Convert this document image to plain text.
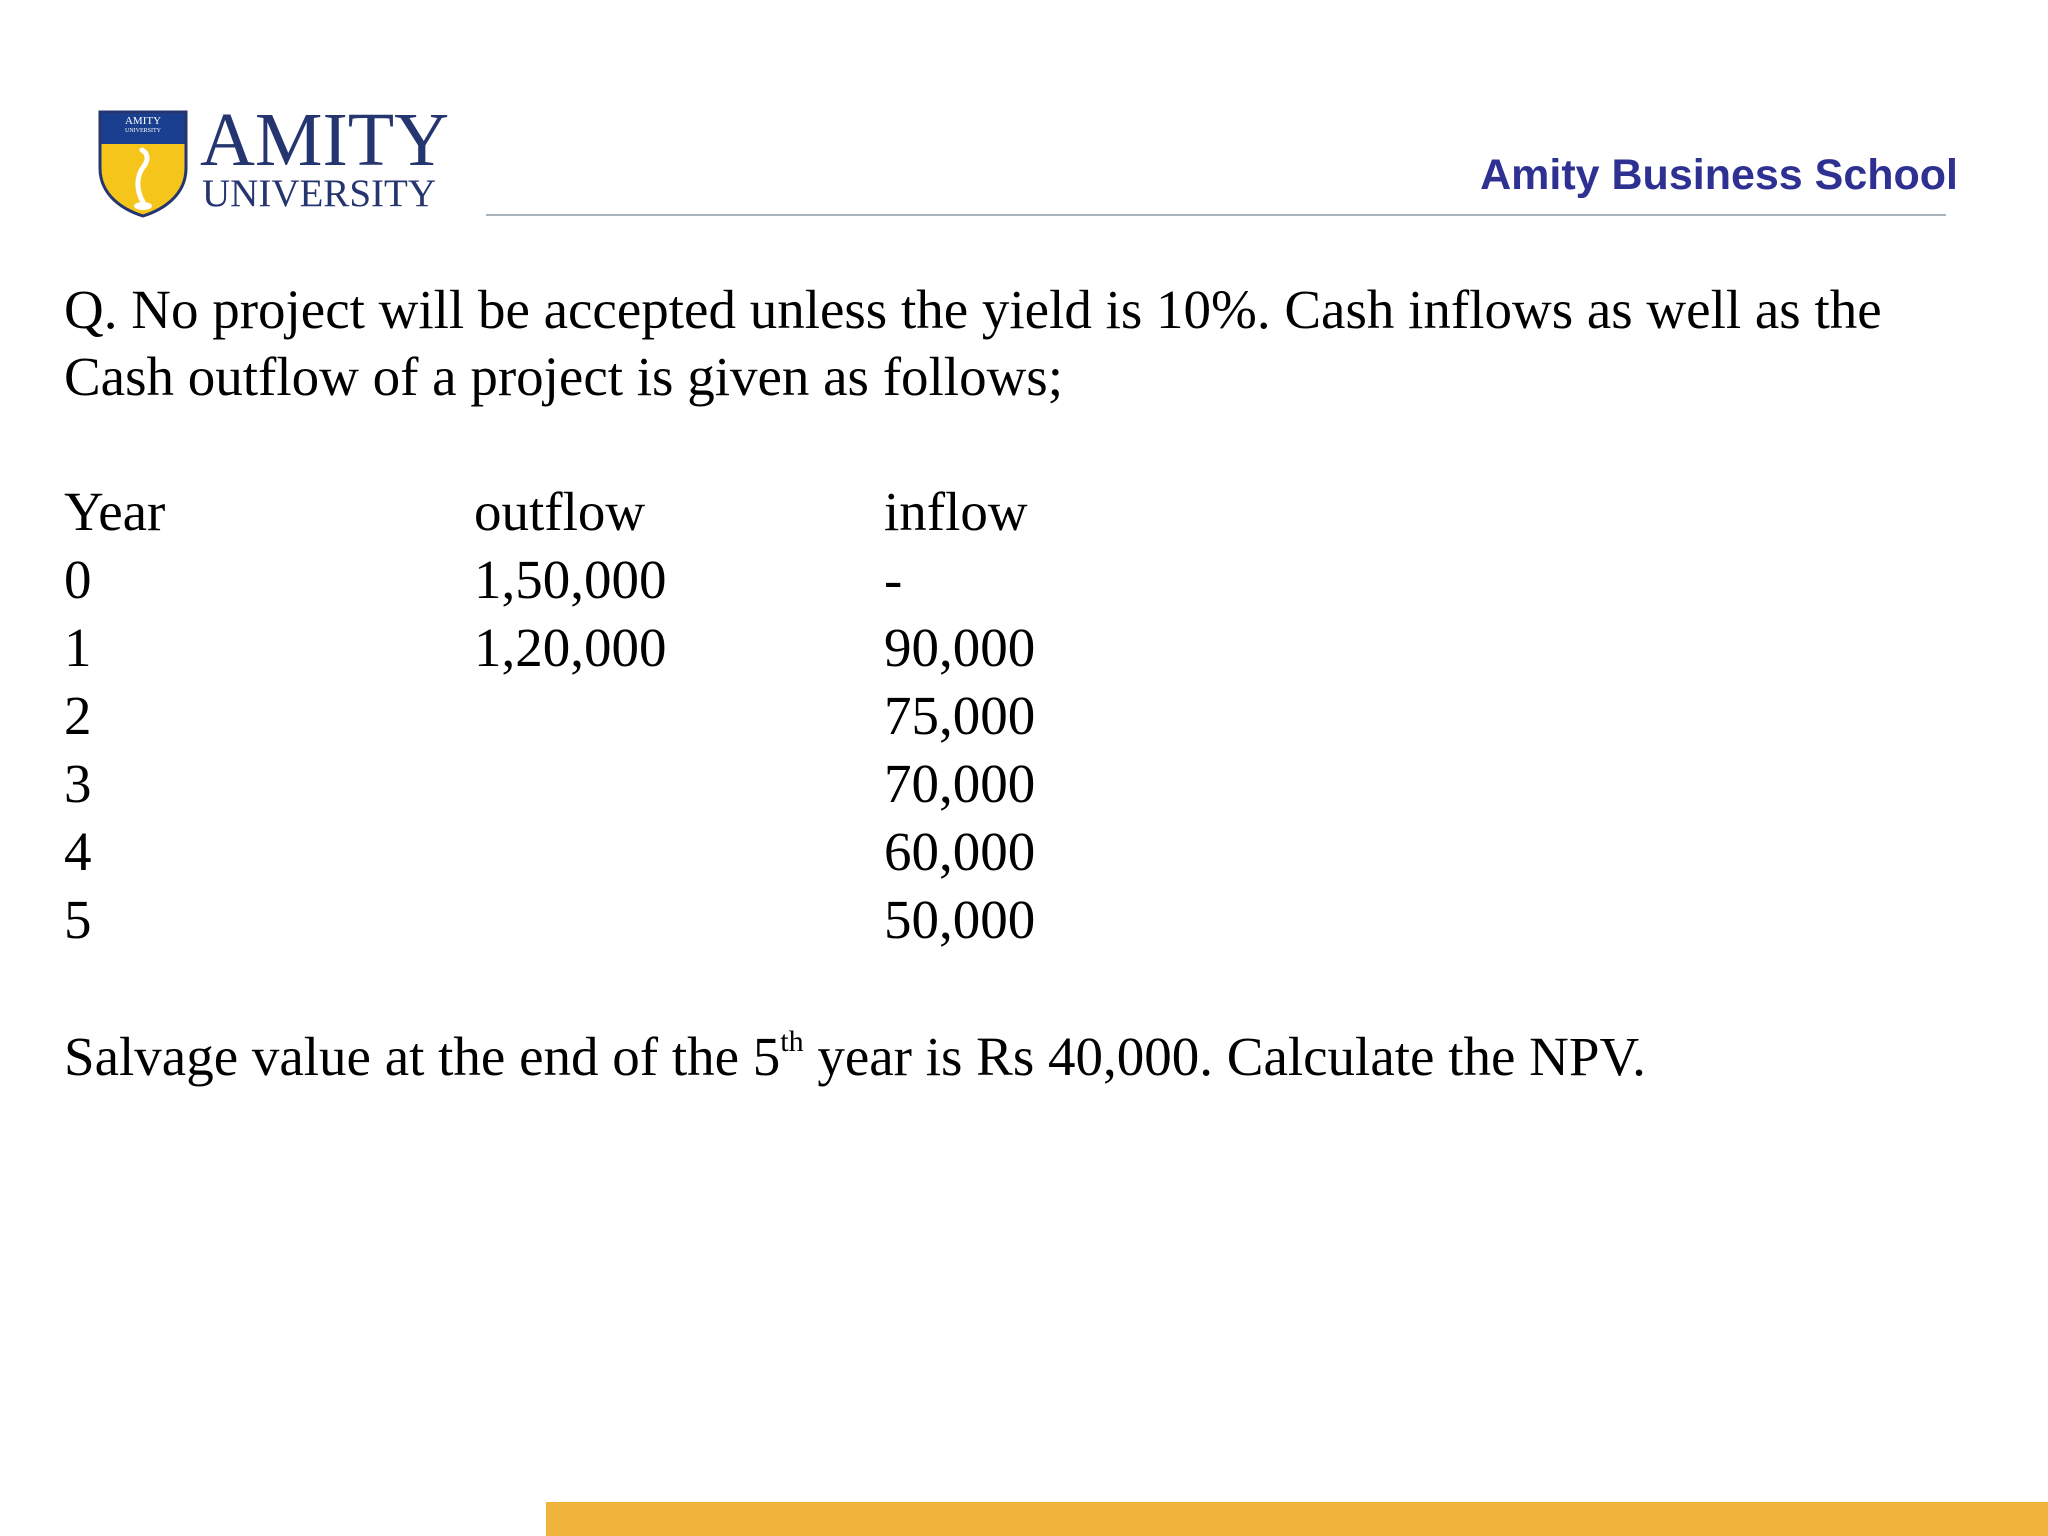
AMITY
UNIVERSITY AMITY
UNIVERSITY	Amity Business School

Q. No project will be accepted unless the yield is 10%. Cash inflows as well as the Cash outflow of a project is given as follows;

Year	outflow	inflow
0	1,50,000	-
1	1,20,000	90,000
2		75,000
3		70,000
4		60,000
5		50,000

Salvage value at the end of the 5th year is Rs 40,000. Calculate the NPV.
